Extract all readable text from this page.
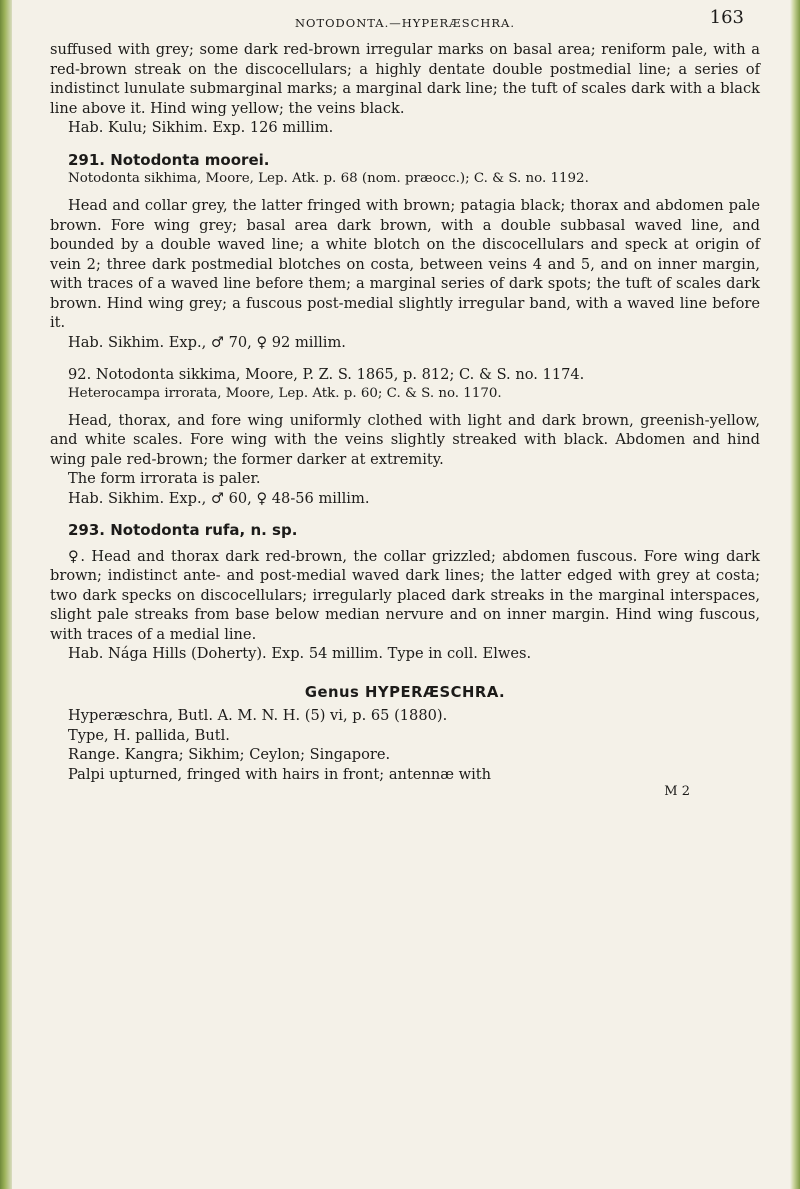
NOTODONTA.—HYPERÆSCHRA.	163

suffused with grey; some dark red-brown irregular marks on basal area; reniform pale, with a red-brown streak on the discocellulars; a highly dentate double postmedial line; a series of indistinct lunulate submarginal marks; a marginal dark line; the tuft of scales dark with a black line above it. Hind wing yellow; the veins black.

Hab. Kulu; Sikhim. Exp. 126 millim.

291. Notodonta moorei.

Notodonta sikhima, Moore, Lep. Atk. p. 68 (nom. præocc.); C. & S. no. 1192.

Head and collar grey, the latter fringed with brown; patagia black; thorax and abdomen pale brown. Fore wing grey; basal area dark brown, with a double subbasal waved line, and bounded by a double waved line; a white blotch on the discocellulars and speck at origin of vein 2; three dark postmedial blotches on costa, between veins 4 and 5, and on inner margin, with traces of a waved line before them; a marginal series of dark spots; the tuft of scales dark brown. Hind wing grey; a fuscous post-medial slightly irregular band, with a waved line before it.

Hab. Sikhim. Exp., ♂ 70, ♀ 92 millim.

92. Notodonta sikkima, Moore, P. Z. S. 1865, p. 812; C. & S. no. 1174.

Heterocampa irrorata, Moore, Lep. Atk. p. 60; C. & S. no. 1170.

Head, thorax, and fore wing uniformly clothed with light and dark brown, greenish-yellow, and white scales. Fore wing with the veins slightly streaked with black. Abdomen and hind wing pale red-brown; the former darker at extremity.

The form irrorata is paler.

Hab. Sikhim. Exp., ♂ 60, ♀ 48-56 millim.

293. Notodonta rufa, n. sp.

♀. Head and thorax dark red-brown, the collar grizzled; abdomen fuscous. Fore wing dark brown; indistinct ante- and post-medial waved dark lines; the latter edged with grey at costa; two dark specks on discocellulars; irregularly placed dark streaks in the marginal interspaces, slight pale streaks from base below median nervure and on inner margin. Hind wing fuscous, with traces of a medial line.

Hab. Nága Hills (Doherty). Exp. 54 millim. Type in coll. Elwes.

Genus HYPERÆSCHRA.

Hyperæschra, Butl. A. M. N. H. (5) vi, p. 65 (1880).

Type, H. pallida, Butl.

Range. Kangra; Sikhim; Ceylon; Singapore.

Palpi upturned, fringed with hairs in front; antennæ with

M 2
